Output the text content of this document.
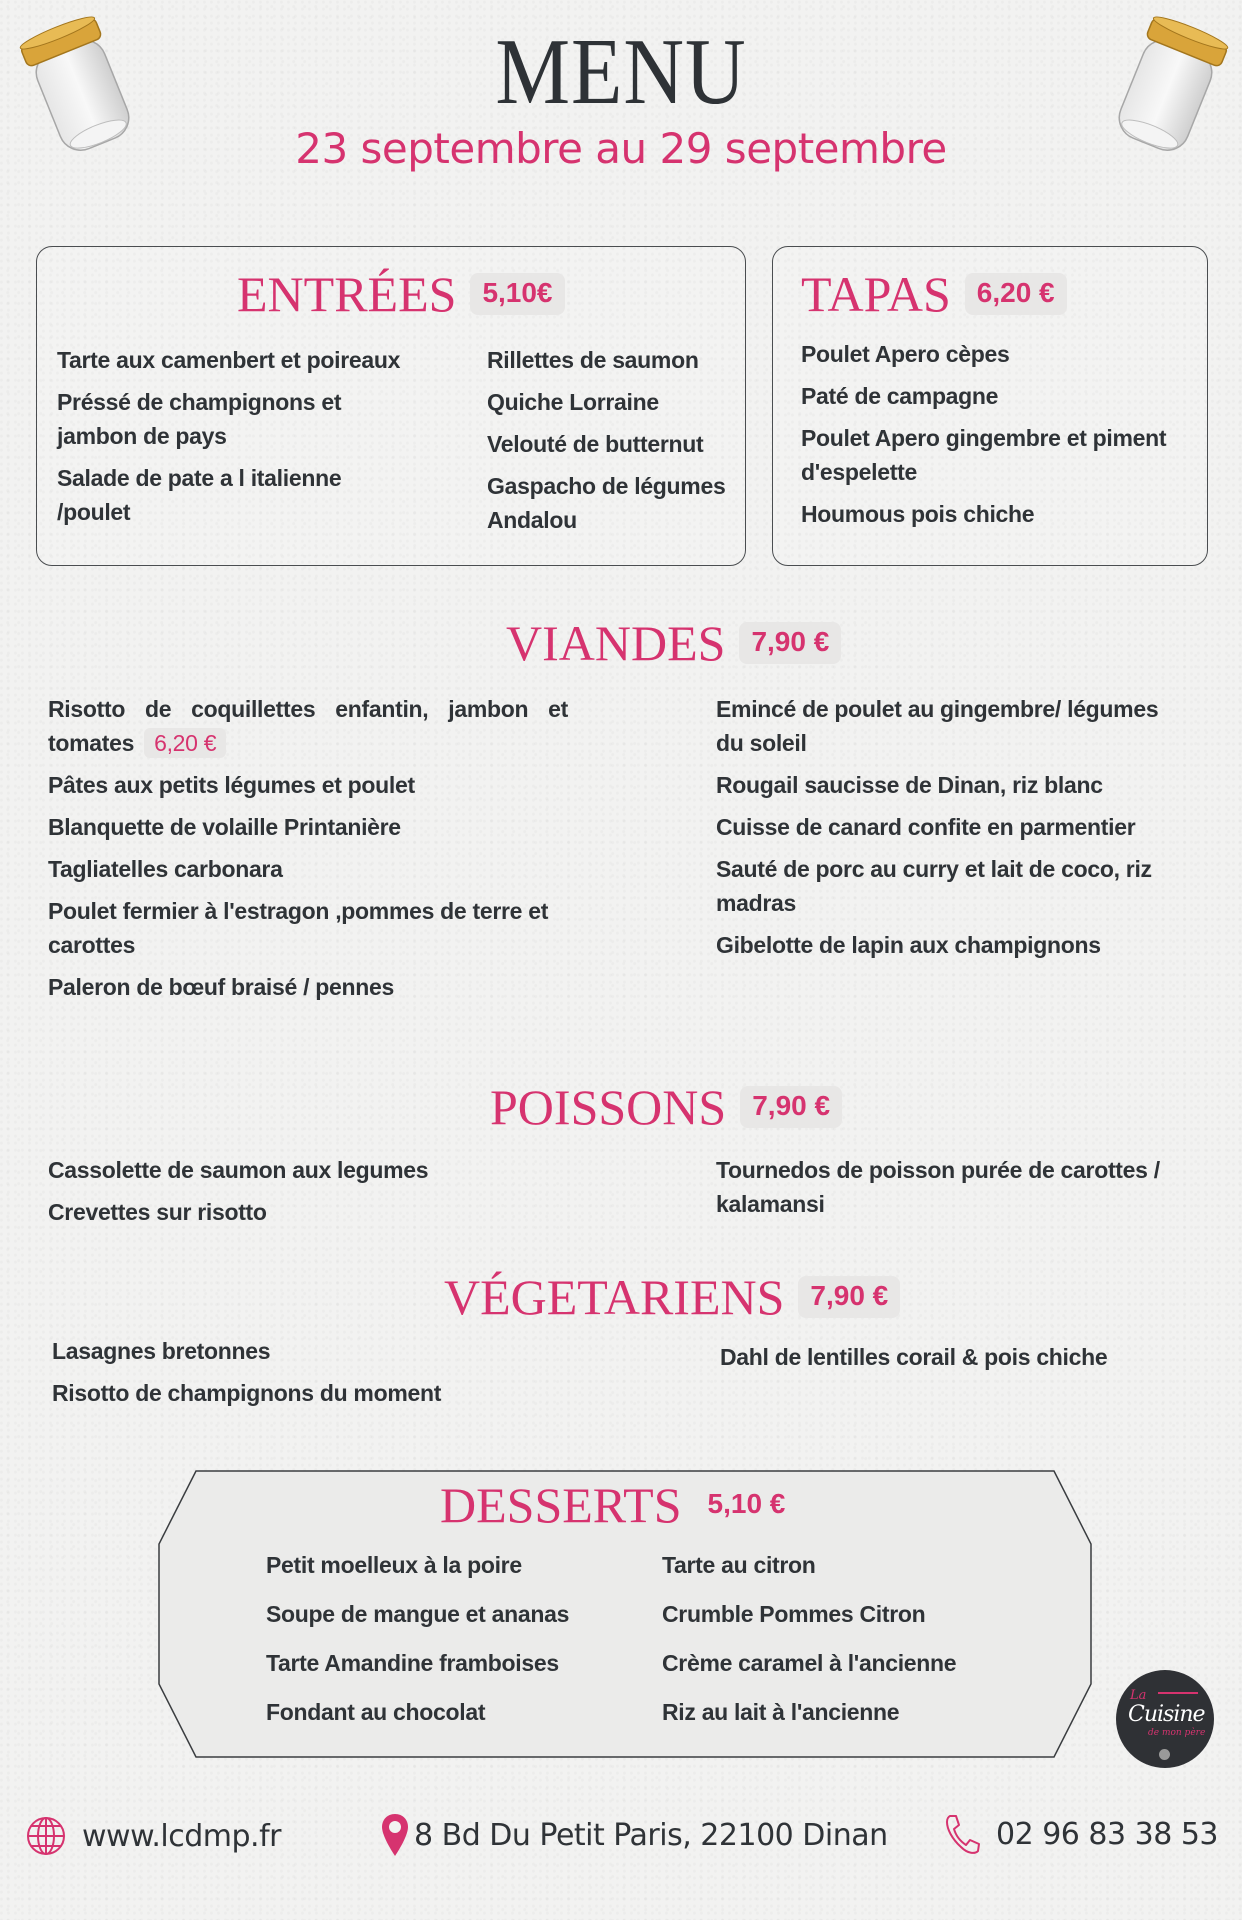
MENU
23 septembre au 29 septembre
ENTRÉES 5,10€
Tarte aux camenbert et poireaux
Préssé de champignons et jambon de pays
Salade de pate a l italienne /poulet
Rillettes de saumon
Quiche Lorraine
Velouté de butternut
Gaspacho de légumes Andalou
TAPAS 6,20 €
Poulet Apero cèpes
Paté de campagne
Poulet Apero gingembre et piment d'espelette
Houmous pois chiche
VIANDES 7,90 €
Risotto de coquillettes enfantin, jambon et tomates 6,20 €
Pâtes aux petits légumes et poulet
Blanquette de volaille Printanière
Tagliatelles carbonara
Poulet fermier à l'estragon ,pommes de terre et carottes
Paleron de bœuf braisé / pennes
Emincé de poulet au gingembre/ légumes du soleil
Rougail saucisse de Dinan, riz blanc
Cuisse de canard confite en parmentier
Sauté de porc au curry et lait de coco, riz madras
Gibelotte de lapin aux champignons
POISSONS 7,90 €
Cassolette de saumon aux legumes
Crevettes sur risotto
Tournedos de poisson purée de carottes / kalamansi
VÉGETARIENS 7,90 €
Lasagnes bretonnes
Risotto de champignons du moment
Dahl de lentilles corail & pois chiche
DESSERTS 5,10 €
Petit moelleux à la poire
Soupe de mangue et ananas
Tarte Amandine framboises
Fondant au chocolat
Tarte au citron
Crumble Pommes Citron
Crème caramel à l'ancienne
Riz au lait à l'ancienne
La
Cuisine
de mon père
www.lcdmp.fr	8 Bd Du Petit Paris, 22100 Dinan	02 96 83 38 53
